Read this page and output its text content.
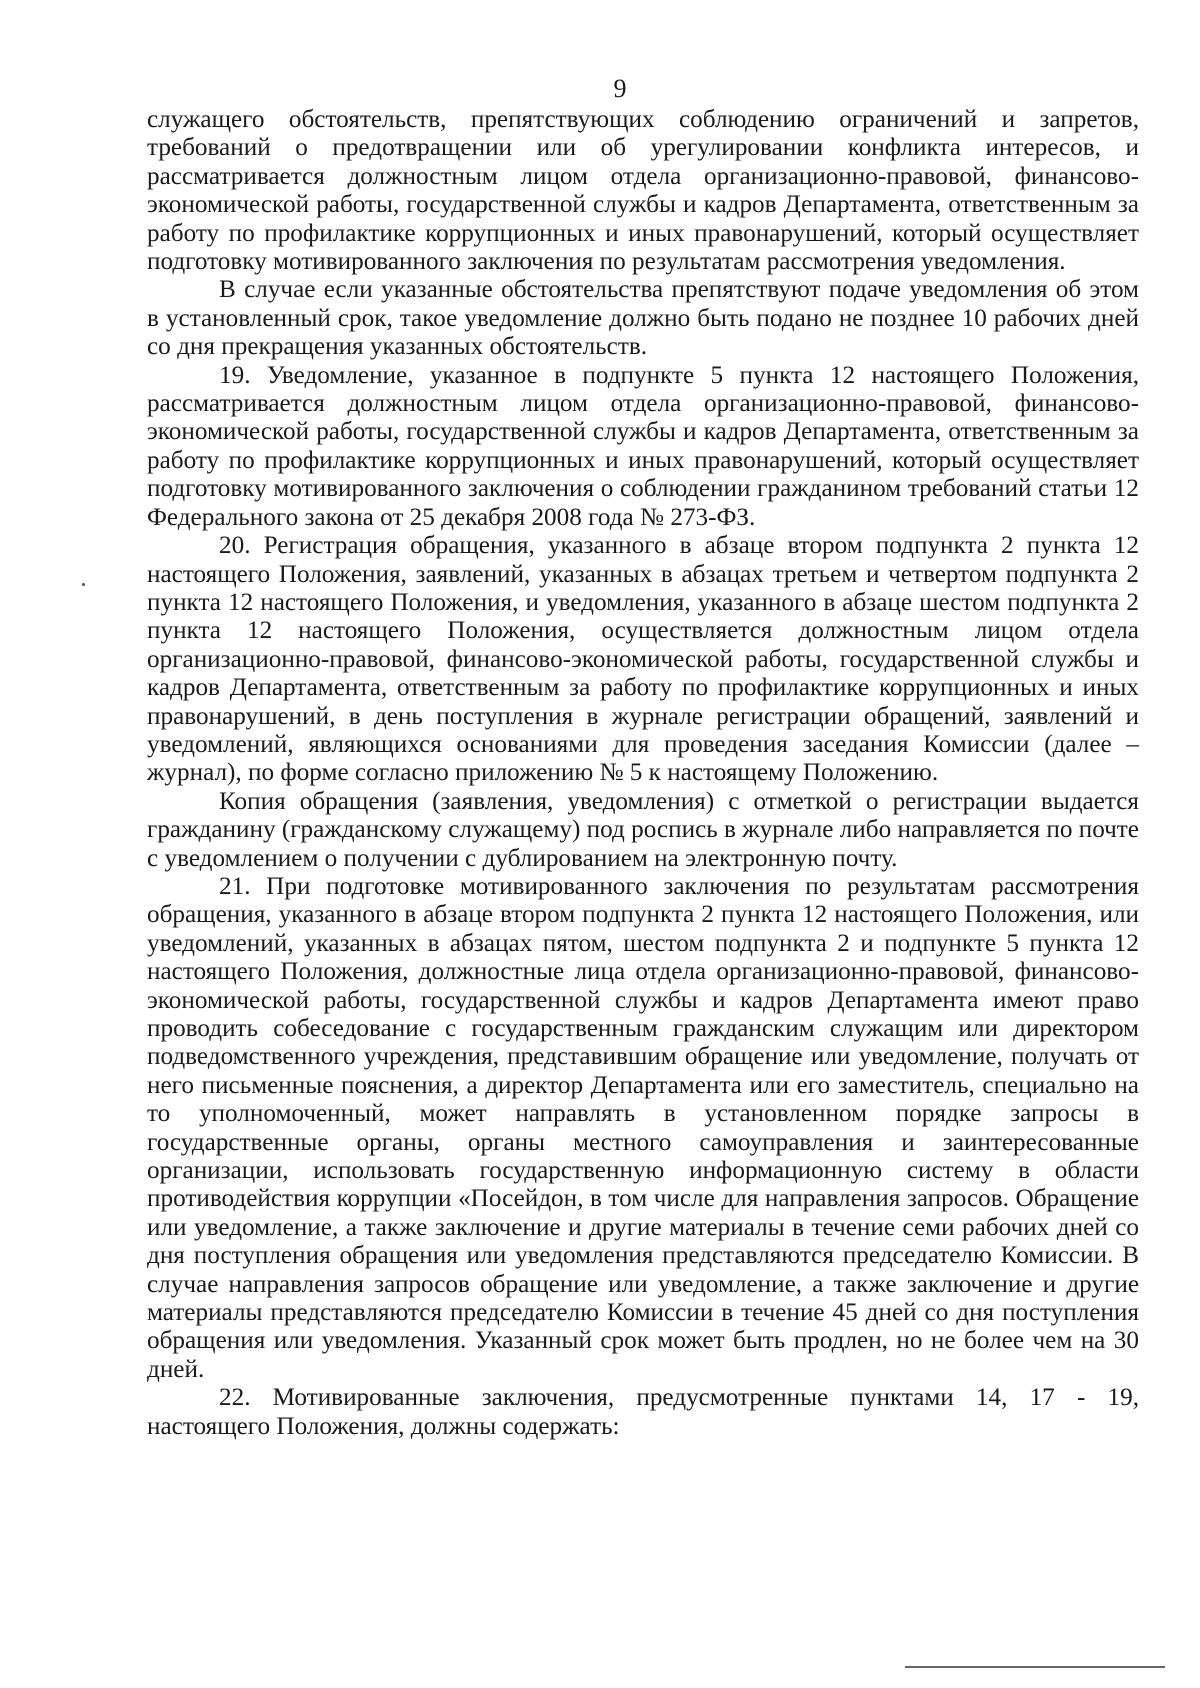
9

служащего обстоятельств, препятствующих соблюдению ограничений и запретов, требований о предотвращении или об урегулировании конфликта интересов, и рассматривается должностным лицом отдела организационно-правовой, финансово-экономической работы, государственной службы и кадров Департамента, ответственным за работу по профилактике коррупционных и иных правонарушений, который осуществляет подготовку мотивированного заключения по результатам рассмотрения уведомления.

В случае если указанные обстоятельства препятствуют подаче уведомления об этом в установленный срок, такое уведомление должно быть подано не позднее 10 рабочих дней со дня прекращения указанных обстоятельств.

19. Уведомление, указанное в подпункте 5 пункта 12 настоящего Положения, рассматривается должностным лицом отдела организационно-правовой, финансово-экономической работы, государственной службы и кадров Департамента, ответственным за работу по профилактике коррупционных и иных правонарушений, который осуществляет подготовку мотивированного заключения о соблюдении гражданином требований статьи 12 Федерального закона от 25 декабря 2008 года № 273-ФЗ.

20. Регистрация обращения, указанного в абзаце втором подпункта 2 пункта 12 настоящего Положения, заявлений, указанных в абзацах третьем и четвертом подпункта 2 пункта 12 настоящего Положения, и уведомления, указанного в абзаце шестом подпункта 2 пункта 12 настоящего Положения, осуществляется должностным лицом отдела организационно-правовой, финансово-экономической работы, государственной службы и кадров Департамента, ответственным за работу по профилактике коррупционных и иных правонарушений, в день поступления в журнале регистрации обращений, заявлений и уведомлений, являющихся основаниями для проведения заседания Комиссии (далее – журнал), по форме согласно приложению № 5 к настоящему Положению.

Копия обращения (заявления, уведомления) с отметкой о регистрации выдается гражданину (гражданскому служащему) под роспись в журнале либо направляется по почте с уведомлением о получении с дублированием на электронную почту.

21. При подготовке мотивированного заключения по результатам рассмотрения обращения, указанного в абзаце втором подпункта 2 пункта 12 настоящего Положения, или уведомлений, указанных в абзацах пятом, шестом подпункта 2 и подпункте 5 пункта 12 настоящего Положения, должностные лица отдела организационно-правовой, финансово-экономической работы, государственной службы и кадров Департамента имеют право проводить собеседование с государственным гражданским служащим или директором подведомственного учреждения, представившим обращение или уведомление, получать от него письменные пояснения, а директор Департамента или его заместитель, специально на то уполномоченный, может направлять в установленном порядке запросы в государственные органы, органы местного самоуправления и заинтересованные организации, использовать государственную информационную систему в области противодействия коррупции «Посейдон, в том числе для направления запросов. Обращение или уведомление, а также заключение и другие материалы в течение семи рабочих дней со дня поступления обращения или уведомления представляются председателю Комиссии. В случае направления запросов обращение или уведомление, а также заключение и другие материалы представляются председателю Комиссии в течение 45 дней со дня поступления обращения или уведомления. Указанный срок может быть продлен, но не более чем на 30 дней.

22. Мотивированные заключения, предусмотренные пунктами 14, 17 - 19, настоящего Положения, должны содержать:
